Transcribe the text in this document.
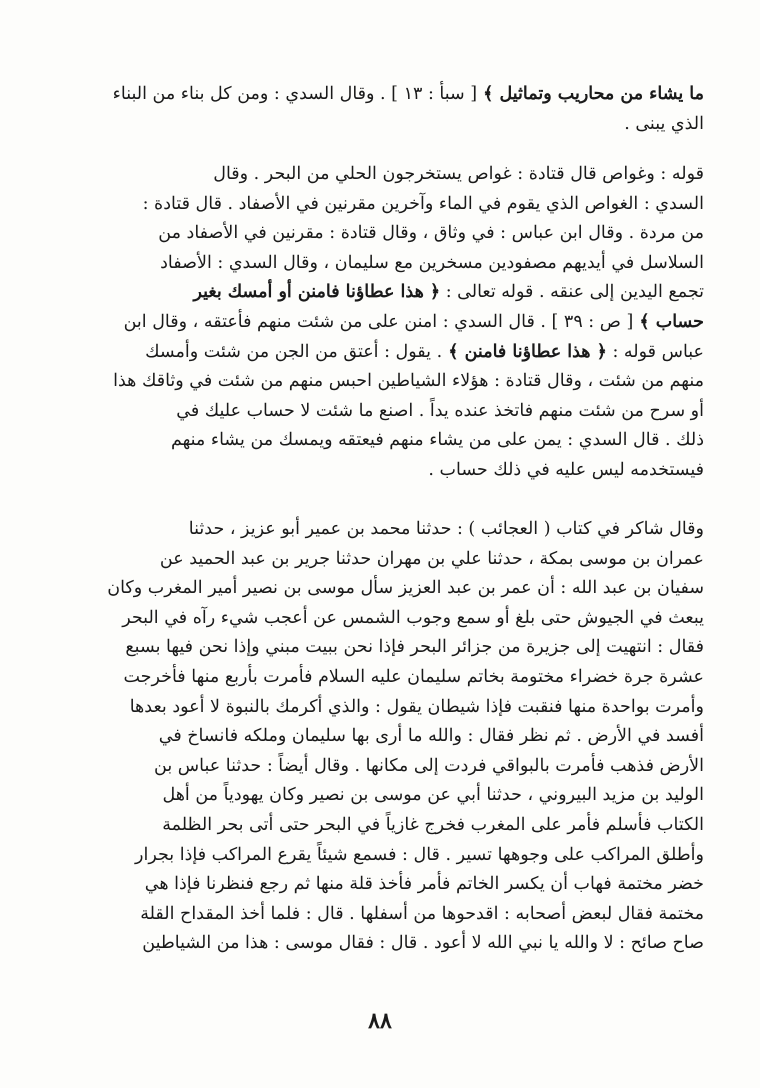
ما يشاء من محاريب وتماثيل ﴾ [ سبأ : ١٣ ] . وقال السدي : ومن كل بناء من البناء
الذي يبنى .
قوله : وغواص قال قتادة : غواص يستخرجون الحلي من البحر . وقال
السدي : الغواص الذي يقوم في الماء وآخرين مقرنين في الأصفاد . قال قتادة :
من مردة . وقال ابن عباس : في وثاق ، وقال قتادة : مقرنين في الأصفاد من
السلاسل في أيديهم مصفودين مسخرين مع سليمان ، وقال السدي : الأصفاد
تجمع اليدين إلى عنقه . قوله تعالى : ﴿ هذا عطاؤنا فامنن أو أمسك بغير
حساب ﴾ [ ص : ٣٩ ] . قال السدي : امنن على من شئت منهم فأعتقه ، وقال ابن
عباس قوله : ﴿ هذا عطاؤنا فامنن ﴾ . يقول : أعتق من الجن من شئت وأمسك
منهم من شئت ، وقال قتادة : هؤلاء الشياطين احبس منهم من شئت في وثاقك هذا
أو سرح من شئت منهم فاتخذ عنده يداً . اصنع ما شئت لا حساب عليك في
ذلك . قال السدي : يمن على من يشاء منهم فيعتقه ويمسك من يشاء منهم
فيستخدمه ليس عليه في ذلك حساب .
وقال شاكر في كتاب ( العجائب ) : حدثنا محمد بن عمير أبو عزيز ، حدثنا
عمران بن موسى بمكة ، حدثنا علي بن مهران حدثنا جرير بن عبد الحميد عن
سفيان بن عبد الله : أن عمر بن عبد العزيز سأل موسى بن نصير أمير المغرب وكان
يبعث في الجيوش حتى بلغ أو سمع وجوب الشمس عن أعجب شيء رآه في البحر
فقال : انتهيت إلى جزيرة من جزائر البحر فإذا نحن ببيت مبني وإذا نحن فيها بسبع
عشرة جرة خضراء مختومة بخاتم سليمان عليه السلام فأمرت بأربع منها فأخرجت
وأمرت بواحدة منها فنقبت فإذا شيطان يقول : والذي أكرمك بالنبوة لا أعود بعدها
أفسد في الأرض . ثم نظر فقال : والله ما أرى بها سليمان وملكه فانساخ في
الأرض فذهب فأمرت بالبواقي فردت إلى مكانها . وقال أيضاً : حدثنا عباس بن
الوليد بن مزيد البيروني ، حدثنا أبي عن موسى بن نصير وكان يهودياً من أهل
الكتاب فأسلم فأمر على المغرب فخرج غازياً في البحر حتى أتى بحر الظلمة
وأطلق المراكب على وجوهها تسير . قال : فسمع شيئاً يقرع المراكب فإذا بجرار
خضر مختمة فهاب أن يكسر الخاتم فأمر فأخذ قلة منها ثم رجع فنظرنا فإذا هي
مختمة فقال لبعض أصحابه : اقدحوها من أسفلها . قال : فلما أخذ المقداح القلة
صاح صائح : لا والله يا نبي الله لا أعود . قال : فقال موسى : هذا من الشياطين
٨٨
